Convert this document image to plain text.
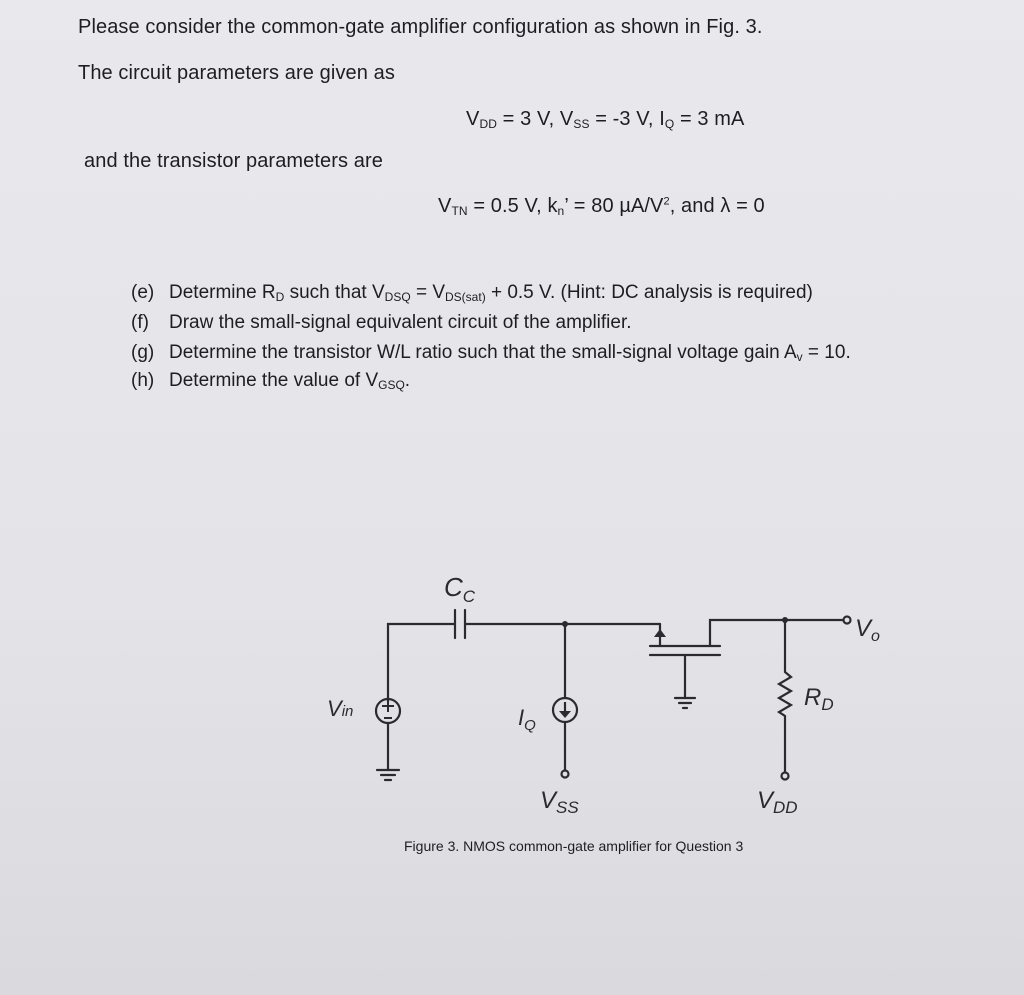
Please consider the common-gate amplifier configuration as shown in Fig. 3.
The circuit parameters are given as
$V_{DD} = 3$ V, $V_{SS} = -3$ V, $I_Q = 3$ mA
and the transistor parameters are
$V_{TN} = 0.5$ V, $k_n$’ = 80 $\mu A/V^2$, and λ = 0
(e) Determine $R_D$ such that $V_{DSQ} = V_{DS(sat)} + 0.5$ V. (Hint: DC analysis is required)
(f) Draw the small-signal equivalent circuit of the amplifier.
(g) Determine the transistor W/L ratio such that the small-signal voltage gain $A_v = 10$.
(h) Determine the value of $V_{GSQ}$.
$C_C$
$V_o$
Vin	$I_Q$
$R_D$
$V_{SS}$	$V_{DD}$
Figure 3. NMOS common-gate amplifier for Question 3
